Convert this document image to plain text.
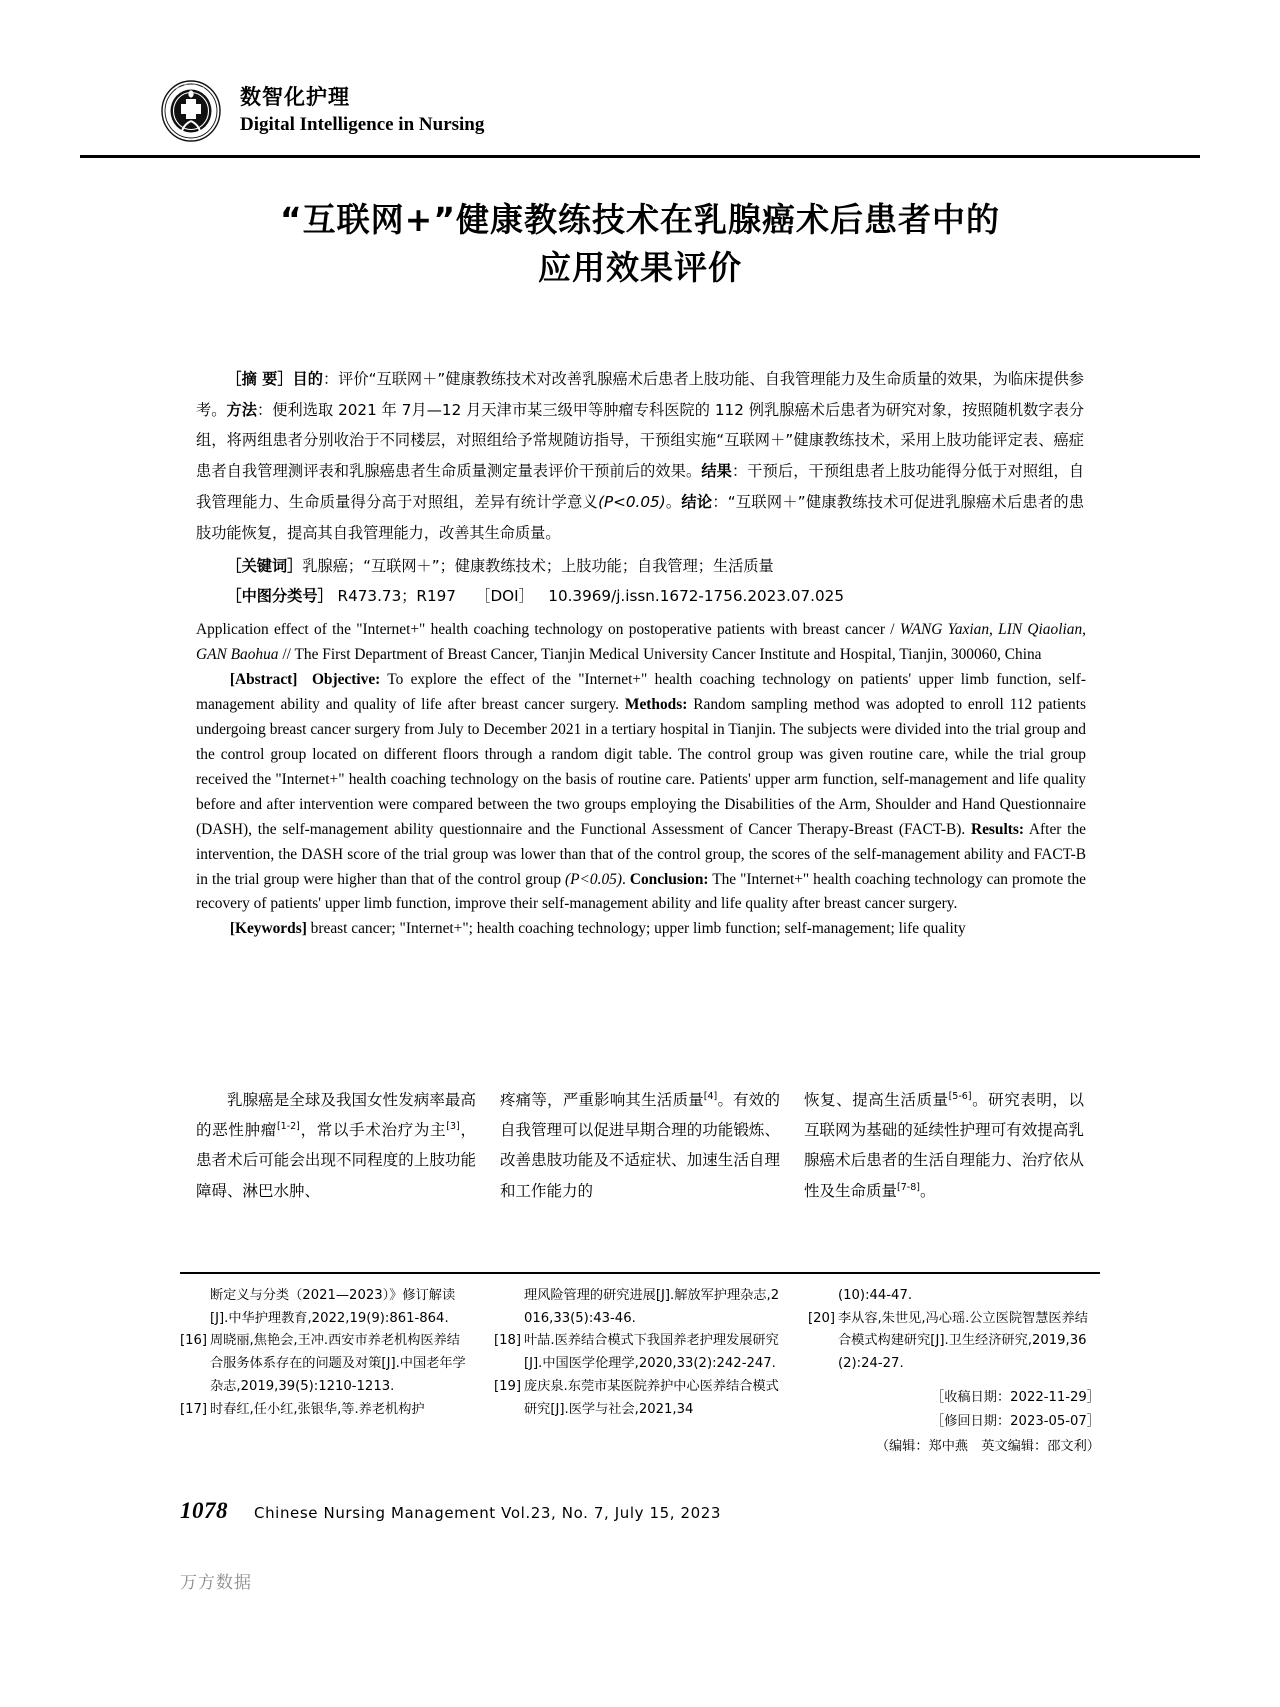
数
智 护
理 数智化护理
Digital Intelligence in Nursing
“互联网+”健康教练技术在乳腺癌术后患者中的
应用效果评价

［摘 要］目的：评价“互联网＋”健康教练技术对改善乳腺癌术后患者上肢功能、自我管理能力及生命质量的效果，为临床提供参考。方法：便利选取 2021 年 7月—12 月天津市某三级甲等肿瘤专科医院的 112 例乳腺癌术后患者为研究对象，按照随机数字表分组，将两组患者分别收治于不同楼层，对照组给予常规随访指导，干预组实施“互联网＋”健康教练技术，采用上肢功能评定表、癌症患者自我管理测评表和乳腺癌患者生命质量测定量表评价干预前后的效果。结果：干预后，干预组患者上肢功能得分低于对照组，自我管理能力、生命质量得分高于对照组，差异有统计学意义(P<0.05)。结论：“互联网＋”健康教练技术可促进乳腺癌术后患者的患肢功能恢复，提高其自我管理能力，改善其生命质量。

［关键词］乳腺癌；“互联网＋”；健康教练技术；上肢功能；自我管理；生活质量
［中图分类号］ R473.73；R197 ［DOI］ 10.3969/j.issn.1672-1756.2023.07.025

Application effect of the "Internet+" health coaching technology on postoperative patients with breast cancer / WANG Yaxian, LIN Qiaolian, GAN Baohua // The First Department of Breast Cancer, Tianjin Medical University Cancer Institute and Hospital, Tianjin, 300060, China

[Abstract] Objective: To explore the effect of the "Internet+" health coaching technology on patients' upper limb function, self-management ability and quality of life after breast cancer surgery. Methods: Random sampling method was adopted to enroll 112 patients undergoing breast cancer surgery from July to December 2021 in a tertiary hospital in Tianjin. The subjects were divided into the trial group and the control group located on different floors through a random digit table. The control group was given routine care, while the trial group received the "Internet+" health coaching technology on the basis of routine care. Patients' upper arm function, self-management and life quality before and after intervention were compared between the two groups employing the Disabilities of the Arm, Shoulder and Hand Questionnaire (DASH), the self-management ability questionnaire and the Functional Assessment of Cancer Therapy-Breast (FACT-B). Results: After the intervention, the DASH score of the trial group was lower than that of the control group, the scores of the self-management ability and FACT-B in the trial group were higher than that of the control group (P<0.05). Conclusion: The "Internet+" health coaching technology can promote the recovery of patients' upper limb function, improve their self-management ability and life quality after breast cancer surgery.

[Keywords] breast cancer; "Internet+"; health coaching technology; upper limb function; self-management; life quality

乳腺癌是全球及我国女性发病率最高的恶性肿瘤[1-2]，常以手术治疗为主[3]，患者术后可能会出现不同程度的上肢功能障碍、淋巴水肿、

疼痛等，严重影响其生活质量[4]。有效的自我管理可以促进早期合理的功能锻炼、改善患肢功能及不适症状、加速生活自理和工作能力的

恢复、提高生活质量[5-6]。研究表明，以互联网为基础的延续性护理可有效提高乳腺癌术后患者的生活自理能力、治疗依从性及生命质量[7-8]。

断定义与分类（2021—2023）》修订解读[J].中华护理教育,2022,19(9):861-864.
[16] 周晓丽,焦艳会,王冲.西安市养老机构医养结合服务体系存在的问题及对策[J].中国老年学杂志,2019,39(5):1210-1213.
[17] 时春红,任小红,张银华,等.养老机构护
理风险管理的研究进展[J].解放军护理杂志,2016,33(5):43-46.
[18] 叶喆.医养结合模式下我国养老护理发展研究[J].中国医学伦理学,2020,33(2):242-247.
[19] 庞庆泉.东莞市某医院养护中心医养结合模式研究[J].医学与社会,2021,34
(10):44-47.
[20] 李从容,朱世见,冯心瑶.公立医院智慧医养结合模式构建研究[J].卫生经济研究,2019,36(2):24-27.
［收稿日期：2022-11-29］
［修回日期：2023-05-07］
（编辑：郑中燕　英文编辑：邵文利）
1078 Chinese Nursing Management Vol.23, No. 7, July 15, 2023
万方数据
